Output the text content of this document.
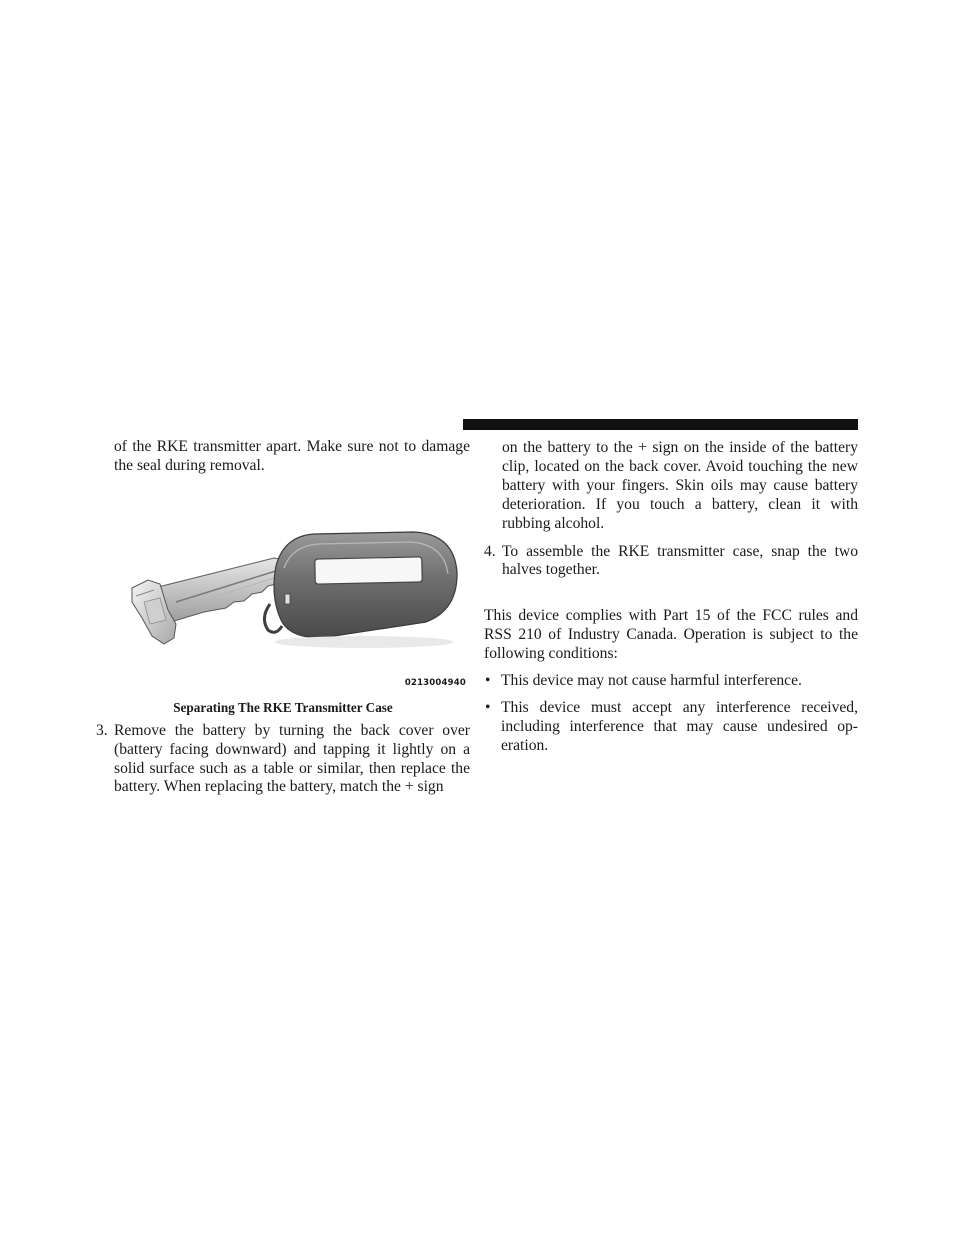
of the RKE transmitter apart. Make sure not to damage the seal during removal.

0213004940
Separating The RKE Transmitter Case

3. Remove the battery by turning the back cover over (battery facing downward) and tapping it lightly on a solid surface such as a table or similar, then replace the battery. When replacing the battery, match the + sign

on the battery to the + sign on the inside of the battery clip, located on the back cover. Avoid touching the new battery with your fingers. Skin oils may cause battery deterioration. If you touch a battery, clean it with rubbing alcohol.

4. To assemble the RKE transmitter case, snap the two halves together.

This device complies with Part 15 of the FCC rules and RSS 210 of Industry Canada. Operation is subject to the following conditions:

• This device may not cause harmful interference.

• This device must accept any interference received, including interference that may cause undesired op-eration.
